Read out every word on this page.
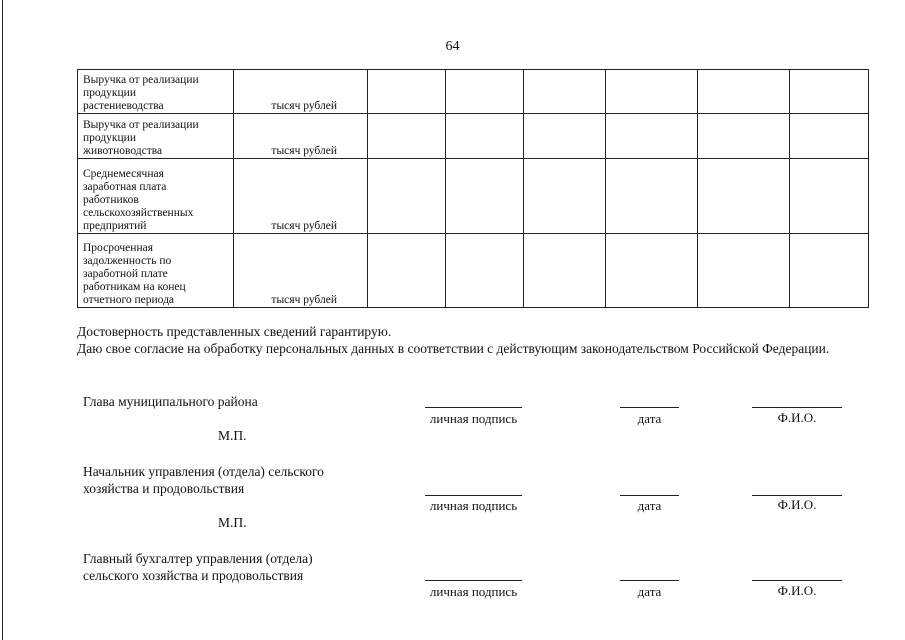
64
Выручка от реализации
продукции
растениеводства	тысяч рублей						

Выручка от реализации
продукции
животноводства	тысяч рублей						

Среднемесячная
заработная плата
работников
сельскохозяйственных
предприятий	тысяч рублей						

Просроченная
задолженность по
заработной плате
работникам на конец
отчетного периода	тысяч рублей						
Достоверность представленных сведений гарантирую.
Даю свое согласие на обработку персональных данных в соответствии с действующим законодательством Российской Федерации.
Глава муниципального района
личная подпись	дата	Ф.И.О.
М.П.
Начальник управления (отдела) сельского
хозяйства и продовольствия
личная подпись	дата	Ф.И.О.
М.П.
Главный бухгалтер управления (отдела)
сельского хозяйства и продовольствия
личная подпись	дата	Ф.И.О.
